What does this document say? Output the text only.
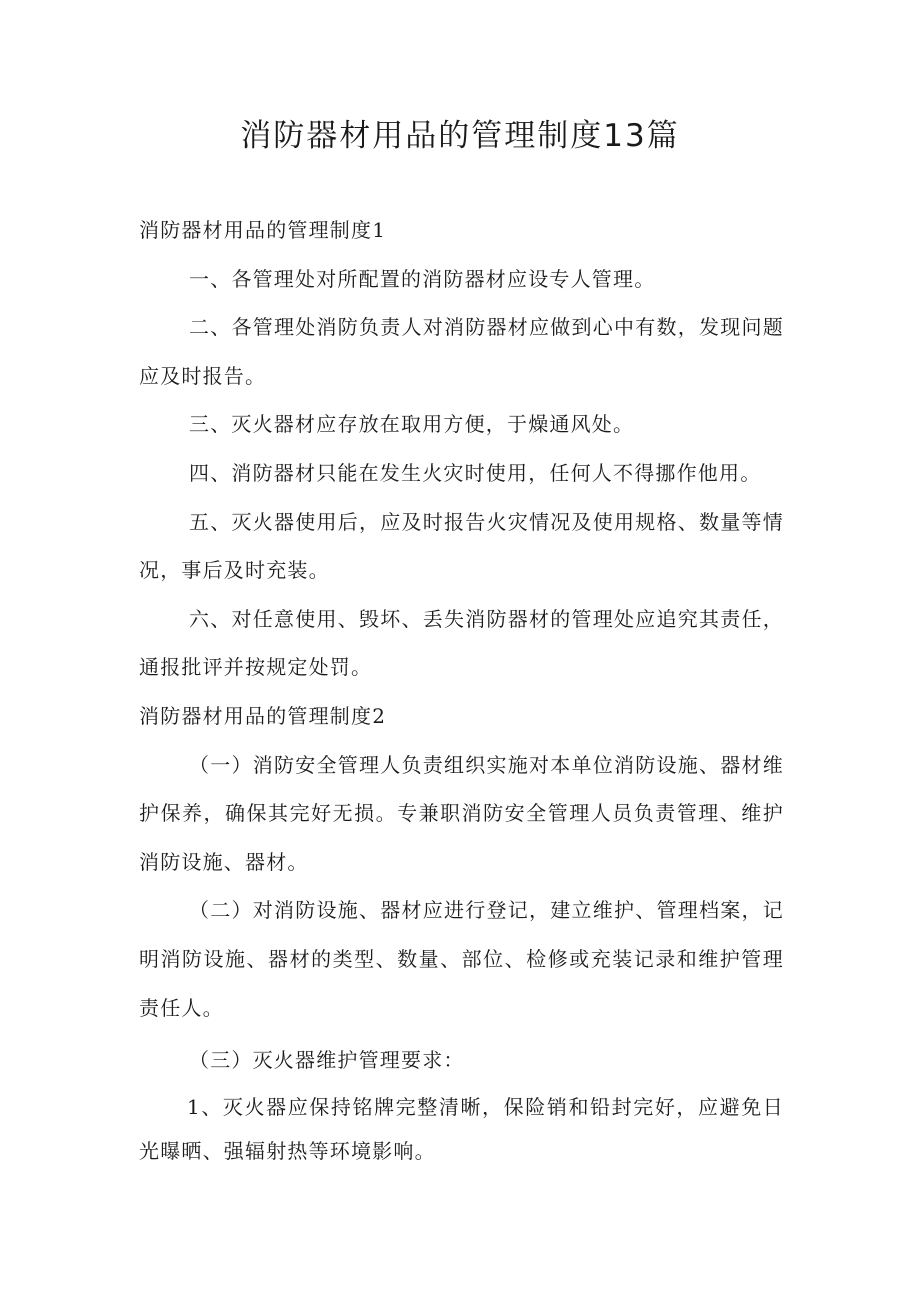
消防器材用品的管理制度13篇

消防器材用品的管理制度1

一、各管理处对所配置的消防器材应设专人管理。

二、各管理处消防负责人对消防器材应做到心中有数，发现问题应及时报告。

三、灭火器材应存放在取用方便，于燥通风处。

四、消防器材只能在发生火灾时使用，任何人不得挪作他用。

五、灭火器使用后，应及时报告火灾情况及使用规格、数量等情况，事后及时充装。

六、对任意使用、毁坏、丢失消防器材的管理处应追究其责任，通报批评并按规定处罚。

消防器材用品的管理制度2

（一）消防安全管理人负责组织实施对本单位消防设施、器材维护保养，确保其完好无损。专兼职消防安全管理人员负责管理、维护消防设施、器材。

（二）对消防设施、器材应进行登记，建立维护、管理档案，记明消防设施、器材的类型、数量、部位、检修或充装记录和维护管理责任人。

（三）灭火器维护管理要求：

1、灭火器应保持铭牌完整清晰，保险销和铅封完好，应避免日光曝晒、强辐射热等环境影响。
